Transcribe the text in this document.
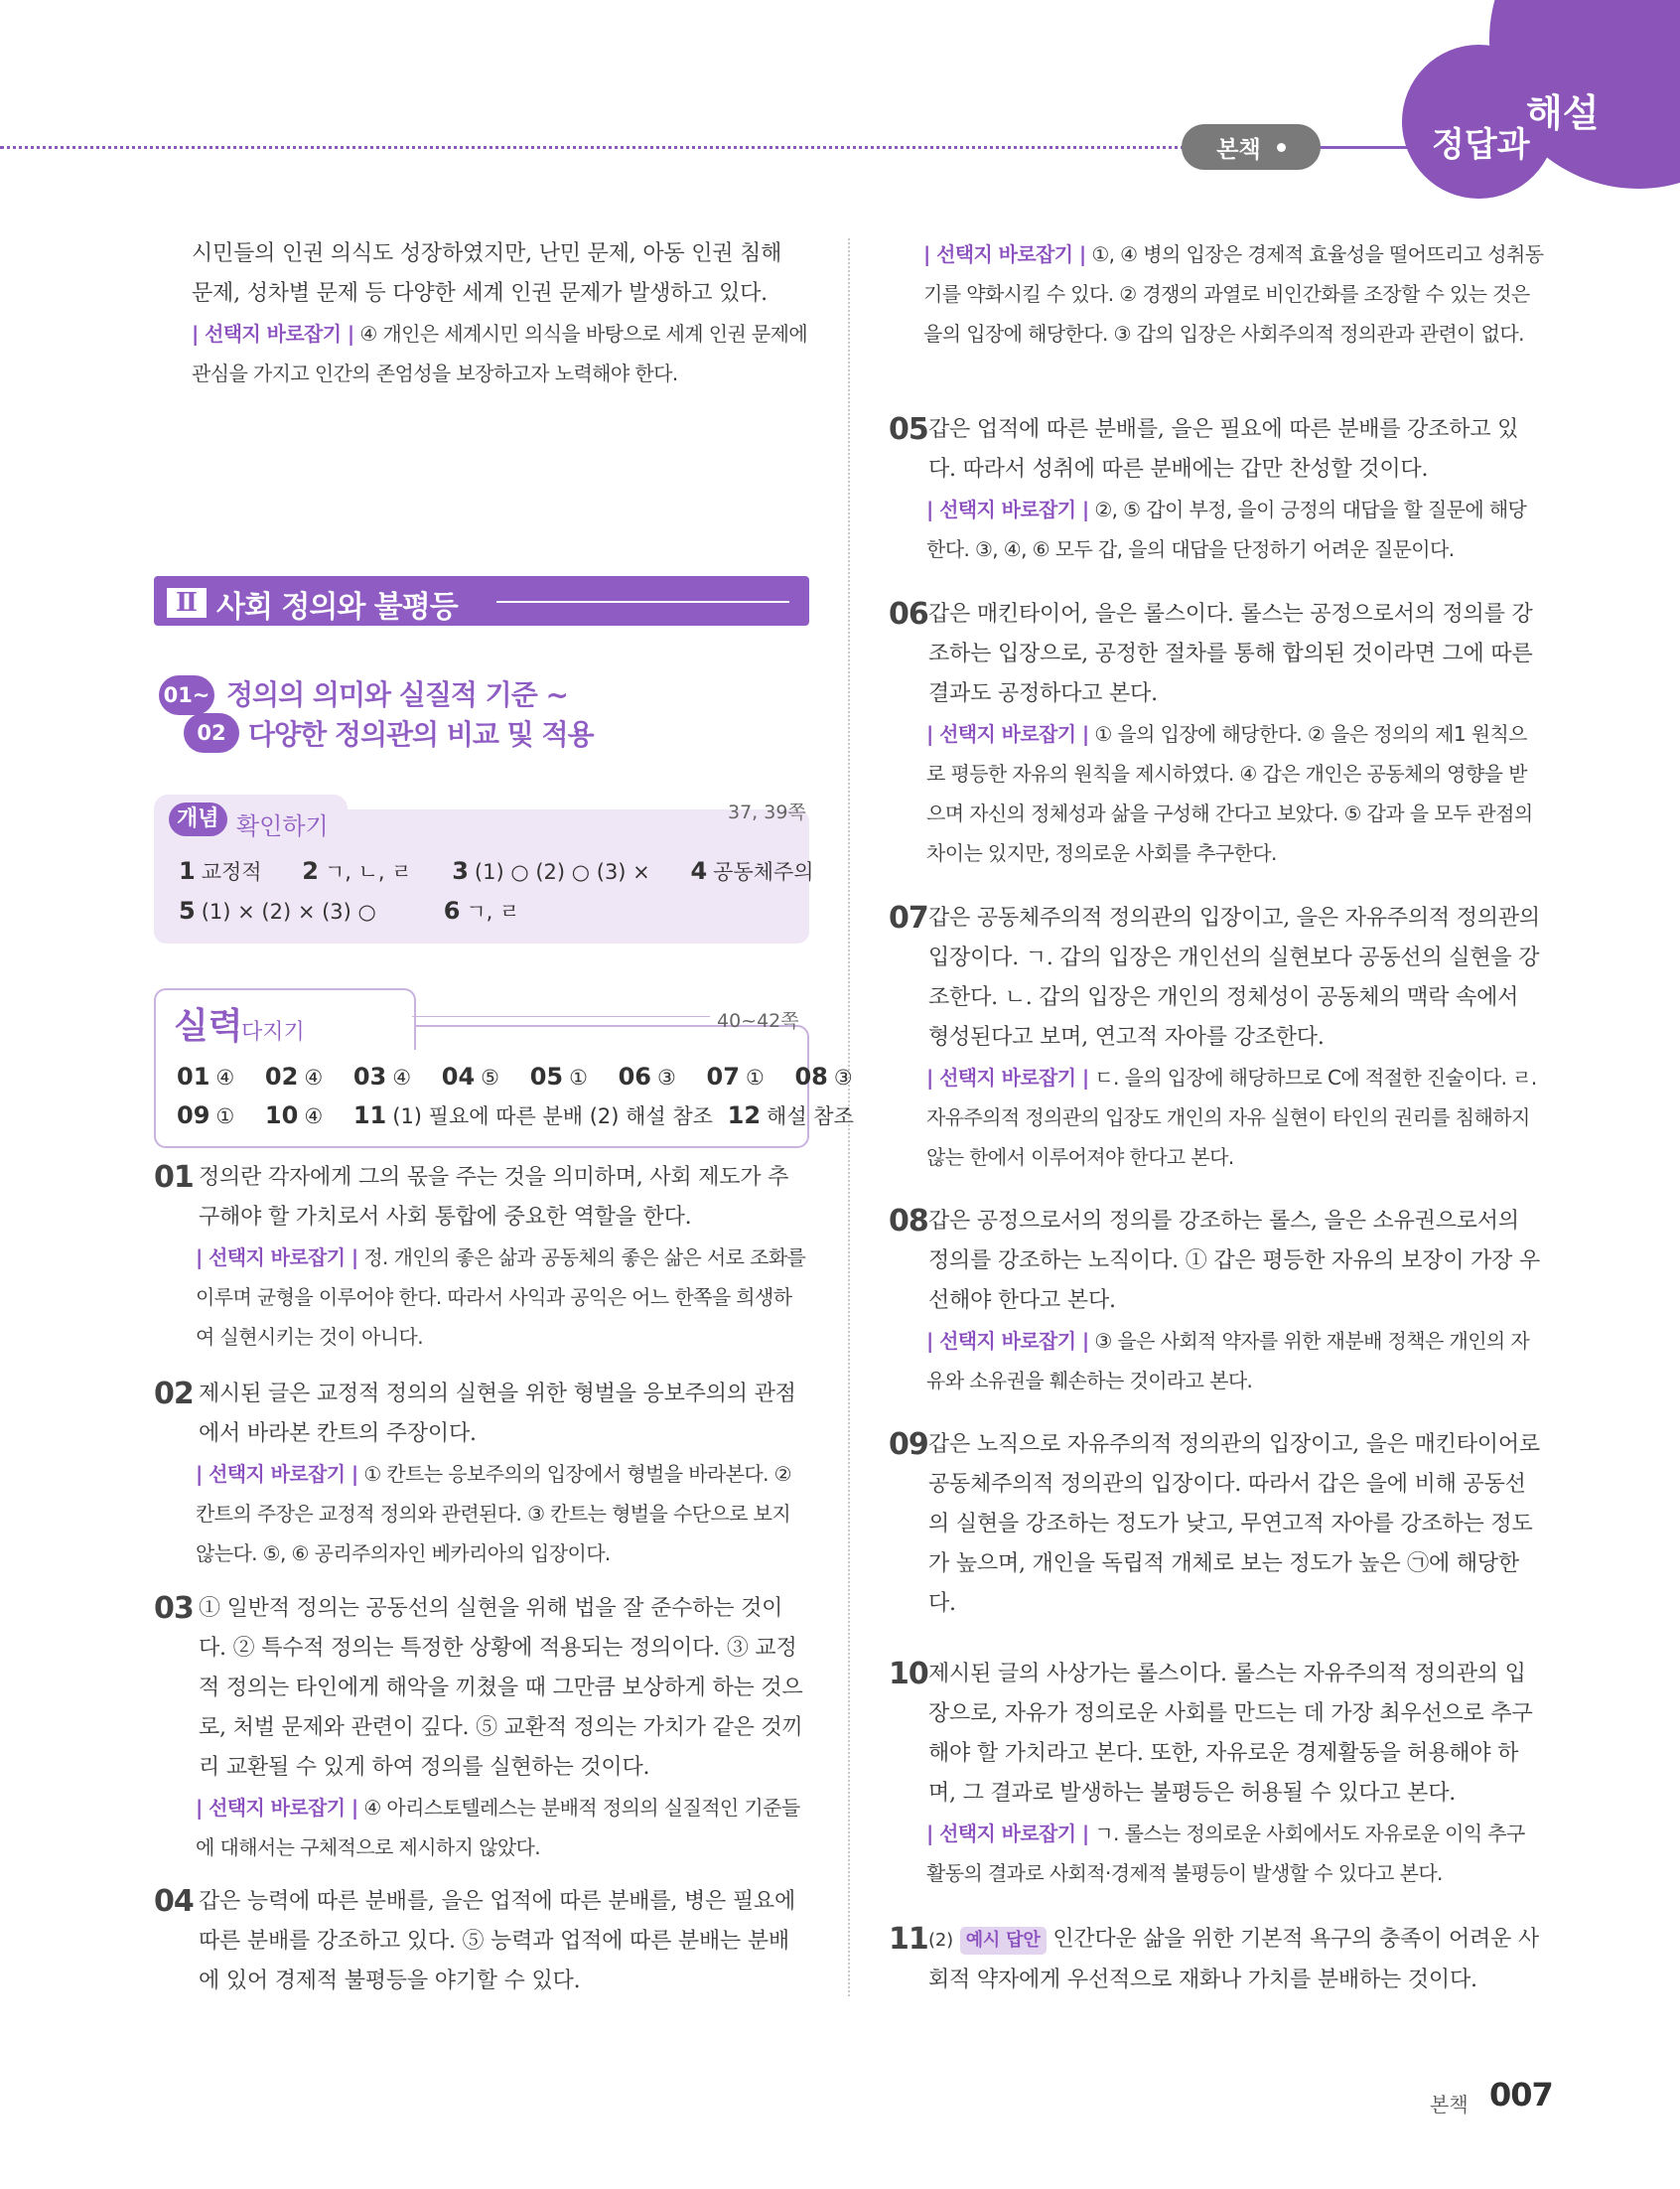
본책	정답과
해설
시민들의 인권 의식도 성장하였지만, 난민 문제, 아동 인권 침해 문제, 성차별 문제 등 다양한 세계 인권 문제가 발생하고 있다.
| 선택지 바로잡기 | ④ 개인은 세계시민 의식을 바탕으로 세계 인권 문제에 관심을 가지고 인간의 존엄성을 보장하고자 노력해야 한다.
Ⅱ 사회 정의와 불평등
01~
02
정의의 의미와 실질적 기준 ~
다양한 정의관의 비교 및 적용
개념 확인하기	37, 39쪽
1 교정적 2 ㄱ, ㄴ, ㄹ 3 (1) ○ (2) ○ (3) × 4 공동체주의
5 (1) × (2) × (3) ○	6 ㄱ, ㄹ
실력
다지기	40~42쪽
01 ④ 02 ④ 03 ④ 04 ⑤ 05 ① 06 ③ 07 ① 08 ③
09 ① 10 ④ 11 (1) 필요에 따른 분배 (2) 해설 참조 12 해설 참조
01 정의란 각자에게 그의 몫을 주는 것을 의미하며, 사회 제도가 추구해야 할 가치로서 사회 통합에 중요한 역할을 한다.
| 선택지 바로잡기 | 정. 개인의 좋은 삶과 공동체의 좋은 삶은 서로 조화를 이루며 균형을 이루어야 한다. 따라서 사익과 공익은 어느 한쪽을 희생하여 실현시키는 것이 아니다.
02 제시된 글은 교정적 정의의 실현을 위한 형벌을 응보주의의 관점에서 바라본 칸트의 주장이다.
| 선택지 바로잡기 | ① 칸트는 응보주의의 입장에서 형벌을 바라본다. ② 칸트의 주장은 교정적 정의와 관련된다. ③ 칸트는 형벌을 수단으로 보지 않는다. ⑤, ⑥ 공리주의자인 베카리아의 입장이다.
03 ① 일반적 정의는 공동선의 실현을 위해 법을 잘 준수하는 것이다. ② 특수적 정의는 특정한 상황에 적용되는 정의이다. ③ 교정적 정의는 타인에게 해악을 끼쳤을 때 그만큼 보상하게 하는 것으로, 처벌 문제와 관련이 깊다. ⑤ 교환적 정의는 가치가 같은 것끼리 교환될 수 있게 하여 정의를 실현하는 것이다.
| 선택지 바로잡기 | ④ 아리스토텔레스는 분배적 정의의 실질적인 기준들에 대해서는 구체적으로 제시하지 않았다.
04 갑은 능력에 따른 분배를, 을은 업적에 따른 분배를, 병은 필요에 따른 분배를 강조하고 있다. ⑤ 능력과 업적에 따른 분배는 분배에 있어 경제적 불평등을 야기할 수 있다.
| 선택지 바로잡기 | ①, ④ 병의 입장은 경제적 효율성을 떨어뜨리고 성취동기를 약화시킬 수 있다. ② 경쟁의 과열로 비인간화를 조장할 수 있는 것은 을의 입장에 해당한다. ③ 갑의 입장은 사회주의적 정의관과 관련이 없다.
05 갑은 업적에 따른 분배를, 을은 필요에 따른 분배를 강조하고 있다. 따라서 성취에 따른 분배에는 갑만 찬성할 것이다.
| 선택지 바로잡기 | ②, ⑤ 갑이 부정, 을이 긍정의 대답을 할 질문에 해당한다. ③, ④, ⑥ 모두 갑, 을의 대답을 단정하기 어려운 질문이다.
06 갑은 매킨타이어, 을은 롤스이다. 롤스는 공정으로서의 정의를 강조하는 입장으로, 공정한 절차를 통해 합의된 것이라면 그에 따른 결과도 공정하다고 본다.
| 선택지 바로잡기 | ① 을의 입장에 해당한다. ② 을은 정의의 제1 원칙으로 평등한 자유의 원칙을 제시하였다. ④ 갑은 개인은 공동체의 영향을 받으며 자신의 정체성과 삶을 구성해 간다고 보았다. ⑤ 갑과 을 모두 관점의 차이는 있지만, 정의로운 사회를 추구한다.
07 갑은 공동체주의적 정의관의 입장이고, 을은 자유주의적 정의관의 입장이다. ㄱ. 갑의 입장은 개인선의 실현보다 공동선의 실현을 강조한다. ㄴ. 갑의 입장은 개인의 정체성이 공동체의 맥락 속에서 형성된다고 보며, 연고적 자아를 강조한다.
| 선택지 바로잡기 | ㄷ. 을의 입장에 해당하므로 C에 적절한 진술이다. ㄹ. 자유주의적 정의관의 입장도 개인의 자유 실현이 타인의 권리를 침해하지 않는 한에서 이루어져야 한다고 본다.
08 갑은 공정으로서의 정의를 강조하는 롤스, 을은 소유권으로서의 정의를 강조하는 노직이다. ① 갑은 평등한 자유의 보장이 가장 우선해야 한다고 본다.
| 선택지 바로잡기 | ③ 을은 사회적 약자를 위한 재분배 정책은 개인의 자유와 소유권을 훼손하는 것이라고 본다.
09 갑은 노직으로 자유주의적 정의관의 입장이고, 을은 매킨타이어로 공동체주의적 정의관의 입장이다. 따라서 갑은 을에 비해 공동선의 실현을 강조하는 정도가 낮고, 무연고적 자아를 강조하는 정도가 높으며, 개인을 독립적 개체로 보는 정도가 높은 ㉠에 해당한다.
10 제시된 글의 사상가는 롤스이다. 롤스는 자유주의적 정의관의 입장으로, 자유가 정의로운 사회를 만드는 데 가장 최우선으로 추구해야 할 가치라고 본다. 또한, 자유로운 경제활동을 허용해야 하며, 그 결과로 발생하는 불평등은 허용될 수 있다고 본다.
| 선택지 바로잡기 | ㄱ. 롤스는 정의로운 사회에서도 자유로운 이익 추구 활동의 결과로 사회적·경제적 불평등이 발생할 수 있다고 본다.
11 (2) 예시 답안 인간다운 삶을 위한 기본적 욕구의 충족이 어려운 사회적 약자에게 우선적으로 재화나 가치를 분배하는 것이다.
본책 007
